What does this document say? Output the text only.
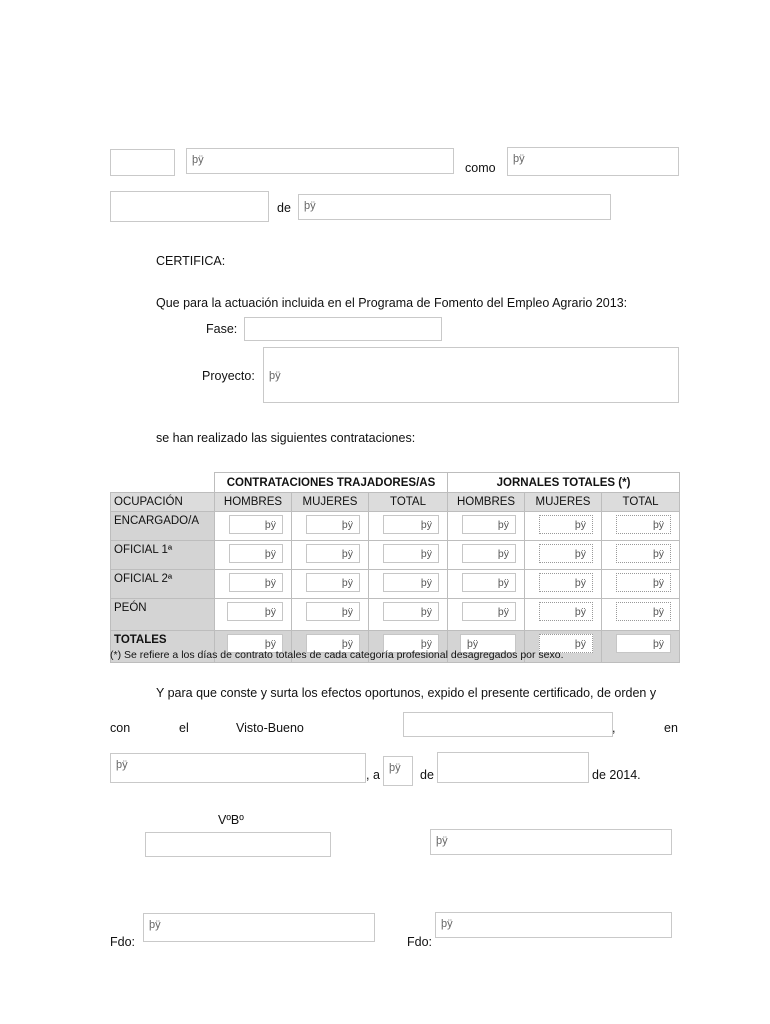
þÿ
como
þÿ
de	þÿ
CERTIFICA:
Que para la actuación incluida en el Programa de Fomento del Empleo Agrario 2013:
Fase:
Proyecto:	þÿ
se han realizado las siguientes contrataciones:
	CONTRATACIONES TRAJADORES/AS			JORNALES TOTALES (*)		
OCUPACIÓN	HOMBRES	MUJERES	TOTAL	HOMBRES	MUJERES	TOTAL
ENCARGADO/A	þÿ	þÿ	þÿ	þÿ	þÿ	þÿ

OFICIAL 1ª	þÿ	þÿ	þÿ	þÿ	þÿ	þÿ

OFICIAL 2ª	þÿ	þÿ	þÿ	þÿ	þÿ	þÿ

PEÓN	þÿ	þÿ	þÿ	þÿ	þÿ	þÿ

TOTALES	þÿ	þÿ	þÿ	þÿ	þÿ	þÿ
(*) Se refiere a los días de contrato totales de cada categoría profesional desagregados por sexo.
Y para que conste y surta los efectos oportunos, expido el presente certificado, de orden y
con	el	Visto-Bueno	,	en
þÿ
, a þÿ	de	de 2014.
VºBº
þÿ
Fdo:
þÿ
Fdo:
þÿ
